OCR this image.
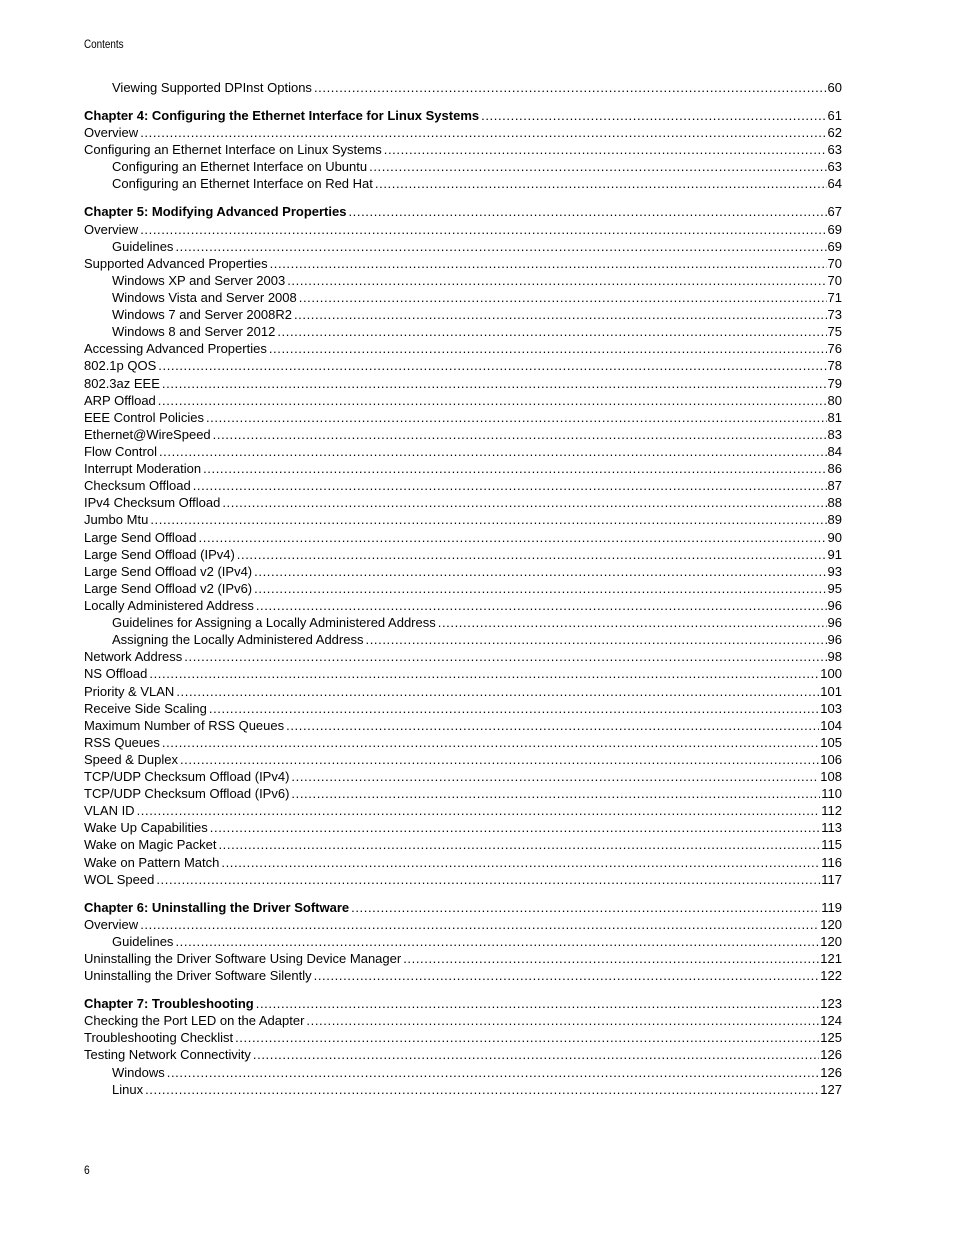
Contents
Viewing Supported DPInst Options .....	60
Chapter 4: Configuring the Ethernet Interface for Linux Systems .....	61
Overview .....	62
Configuring an Ethernet Interface on Linux Systems .....	63
Configuring an Ethernet Interface on Ubuntu .....	63
Configuring an Ethernet Interface on Red Hat .....	64
Chapter 5: Modifying Advanced Properties .....	67
Overview .....	69
Guidelines .....	69
Supported Advanced Properties .....	70
Windows XP and Server 2003 .....	70
Windows Vista and Server 2008 .....	71
Windows 7 and Server 2008R2 .....	73
Windows 8 and Server 2012 .....	75
Accessing Advanced Properties .....	76
802.1p QOS .....	78
802.3az EEE .....	79
ARP Offload .....	80
EEE Control Policies .....	81
Ethernet@WireSpeed .....	83
Flow Control .....	84
Interrupt Moderation .....	86
Checksum Offload .....	87
IPv4 Checksum Offload .....	88
Jumbo Mtu .....	89
Large Send Offload .....	90
Large Send Offload (IPv4) .....	91
Large Send Offload v2 (IPv4) .....	93
Large Send Offload v2 (IPv6) .....	95
Locally Administered Address .....	96
Guidelines for Assigning a Locally Administered Address .....	96
Assigning the Locally Administered Address .....	96
Network Address .....	98
NS Offload .....	100
Priority & VLAN .....	101
Receive Side Scaling .....	103
Maximum Number of RSS Queues .....	104
RSS Queues .....	105
Speed & Duplex .....	106
TCP/UDP Checksum Offload (IPv4) .....	108
TCP/UDP Checksum Offload (IPv6) .....	110
VLAN ID .....	112
Wake Up Capabilities .....	113
Wake on Magic Packet .....	115
Wake on Pattern Match .....	116
WOL Speed .....	117
Chapter 6: Uninstalling the Driver Software .....	119
Overview .....	120
Guidelines .....	120
Uninstalling the Driver Software Using Device Manager .....	121
Uninstalling the Driver Software Silently .....	122
Chapter 7: Troubleshooting .....	123
Checking the Port LED on the Adapter .....	124
Troubleshooting Checklist .....	125
Testing Network Connectivity .....	126
Windows .....	126
Linux .....	127
6
